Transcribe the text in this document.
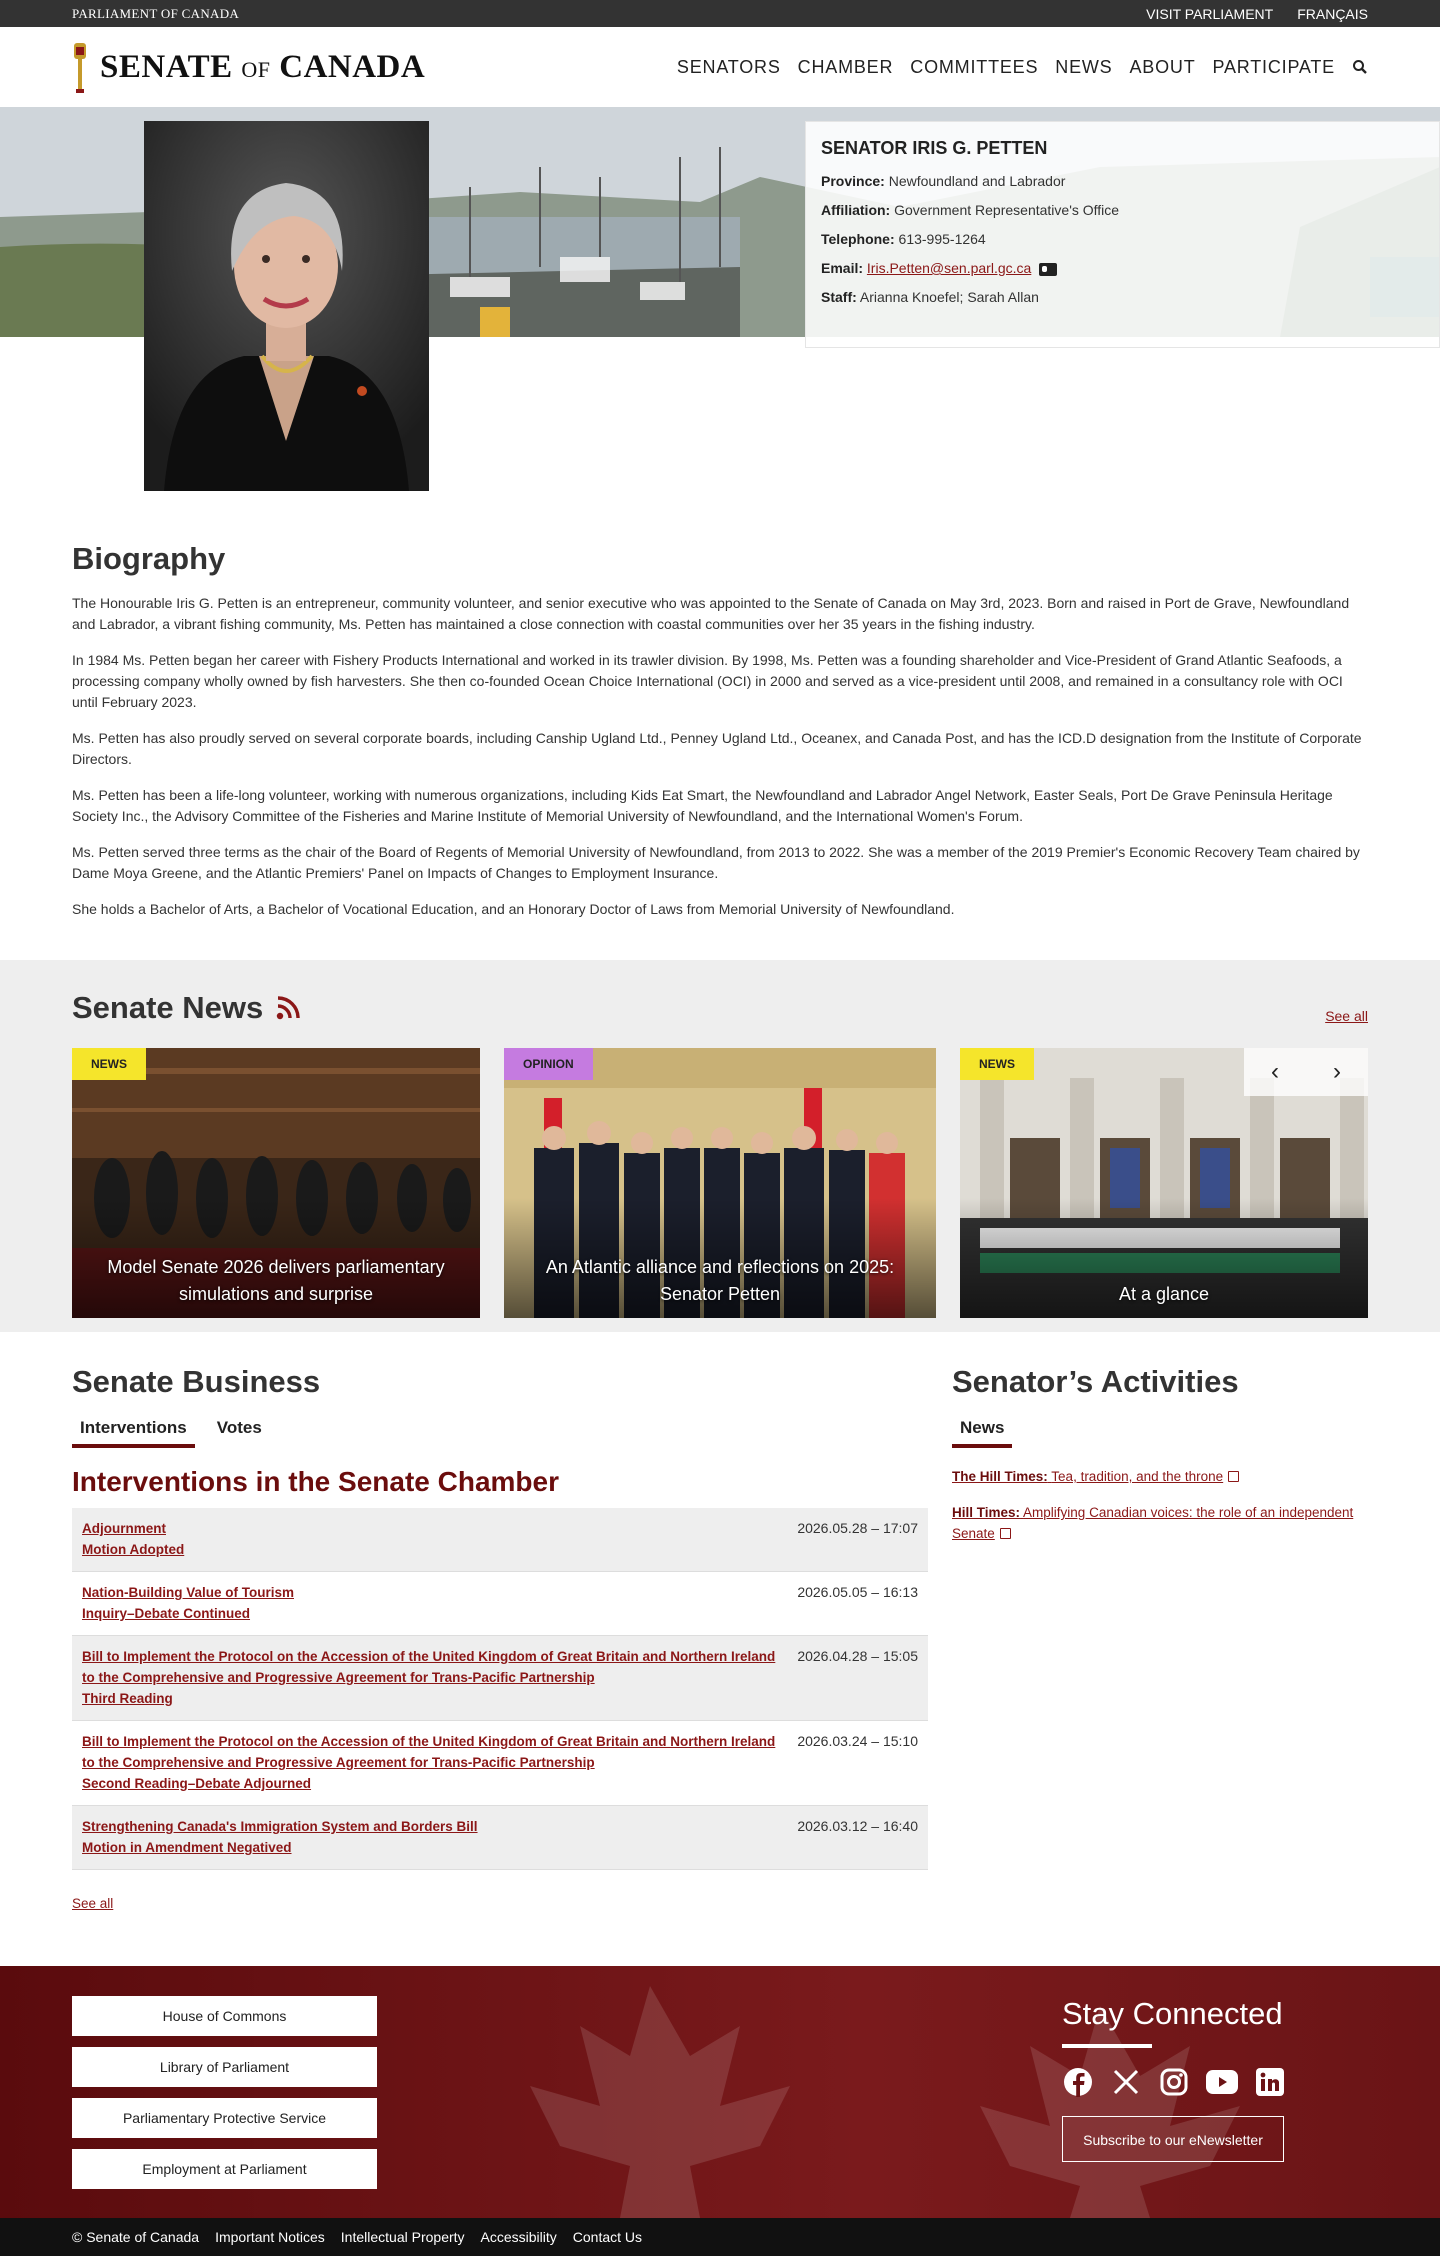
PARLIAMENT OF CANADA	VISIT PARLIAMENT FRANÇAIS
SENATE OF CANADA	SENATORS CHAMBER COMMITTEES NEWS ABOUT PARTICIPATE
SENATOR IRIS G. PETTEN

Province: Newfoundland and Labrador

Affiliation: Government Representative's Office

Telephone: 613-995-1264

Email: Iris.Petten@sen.parl.gc.ca

Staff: Arianna Knoefel; Sarah Allan

Biography

The Honourable Iris G. Petten is an entrepreneur, community volunteer, and senior executive who was appointed to the Senate of Canada on May 3rd, 2023. Born and raised in Port de Grave, Newfoundland and Labrador, a vibrant fishing community, Ms. Petten has maintained a close connection with coastal communities over her 35 years in the fishing industry.

In 1984 Ms. Petten began her career with Fishery Products International and worked in its trawler division. By 1998, Ms. Petten was a founding shareholder and Vice-President of Grand Atlantic Seafoods, a processing company wholly owned by fish harvesters. She then co-founded Ocean Choice International (OCI) in 2000 and served as a vice-president until 2008, and remained in a consultancy role with OCI until February 2023.

Ms. Petten has also proudly served on several corporate boards, including Canship Ugland Ltd., Penney Ugland Ltd., Oceanex, and Canada Post, and has the ICD.D designation from the Institute of Corporate Directors.

Ms. Petten has been a life-long volunteer, working with numerous organizations, including Kids Eat Smart, the Newfoundland and Labrador Angel Network, Easter Seals, Port De Grave Peninsula Heritage Society Inc., the Advisory Committee of the Fisheries and Marine Institute of Memorial University of Newfoundland, and the International Women's Forum.

Ms. Petten served three terms as the chair of the Board of Regents of Memorial University of Newfoundland, from 2013 to 2022. She was a member of the 2019 Premier's Economic Recovery Team chaired by Dame Moya Greene, and the Atlantic Premiers' Panel on Impacts of Changes to Employment Insurance.

She holds a Bachelor of Arts, a Bachelor of Vocational Education, and an Honorary Doctor of Laws from Memorial University of Newfoundland.

Senate News	See all
NEWS
Model Senate 2026 delivers parliamentary simulations and surprise
OPINION
An Atlantic alliance and reflections on 2025: Senator Petten
NEWS
At a glance
‹	›
Senate Business
Interventions	Votes
Interventions in the Senate Chamber
Adjournment
Motion Adopted
2026.05.28 – 17:07
Nation-Building Value of Tourism
Inquiry–Debate Continued
2026.05.05 – 16:13
Bill to Implement the Protocol on the Accession of the United Kingdom of Great Britain and Northern Ireland to the Comprehensive and Progressive Agreement for Trans-Pacific Partnership
Third Reading
2026.04.28 – 15:05
Bill to Implement the Protocol on the Accession of the United Kingdom of Great Britain and Northern Ireland to the Comprehensive and Progressive Agreement for Trans-Pacific Partnership
Second Reading–Debate Adjourned
2026.03.24 – 15:10
Strengthening Canada's Immigration System and Borders Bill
Motion in Amendment Negatived
2026.03.12 – 16:40
See all
Senator’s Activities
News
The Hill Times: Tea, tradition, and the throne
Hill Times: Amplifying Canadian voices: the role of an independent Senate
House of Commons
Library of Parliament
Parliamentary Protective Service
Employment at Parliament
Stay Connected
Subscribe to our eNewsletter
© Senate of Canada Important Notices Intellectual Property Accessibility Contact Us
